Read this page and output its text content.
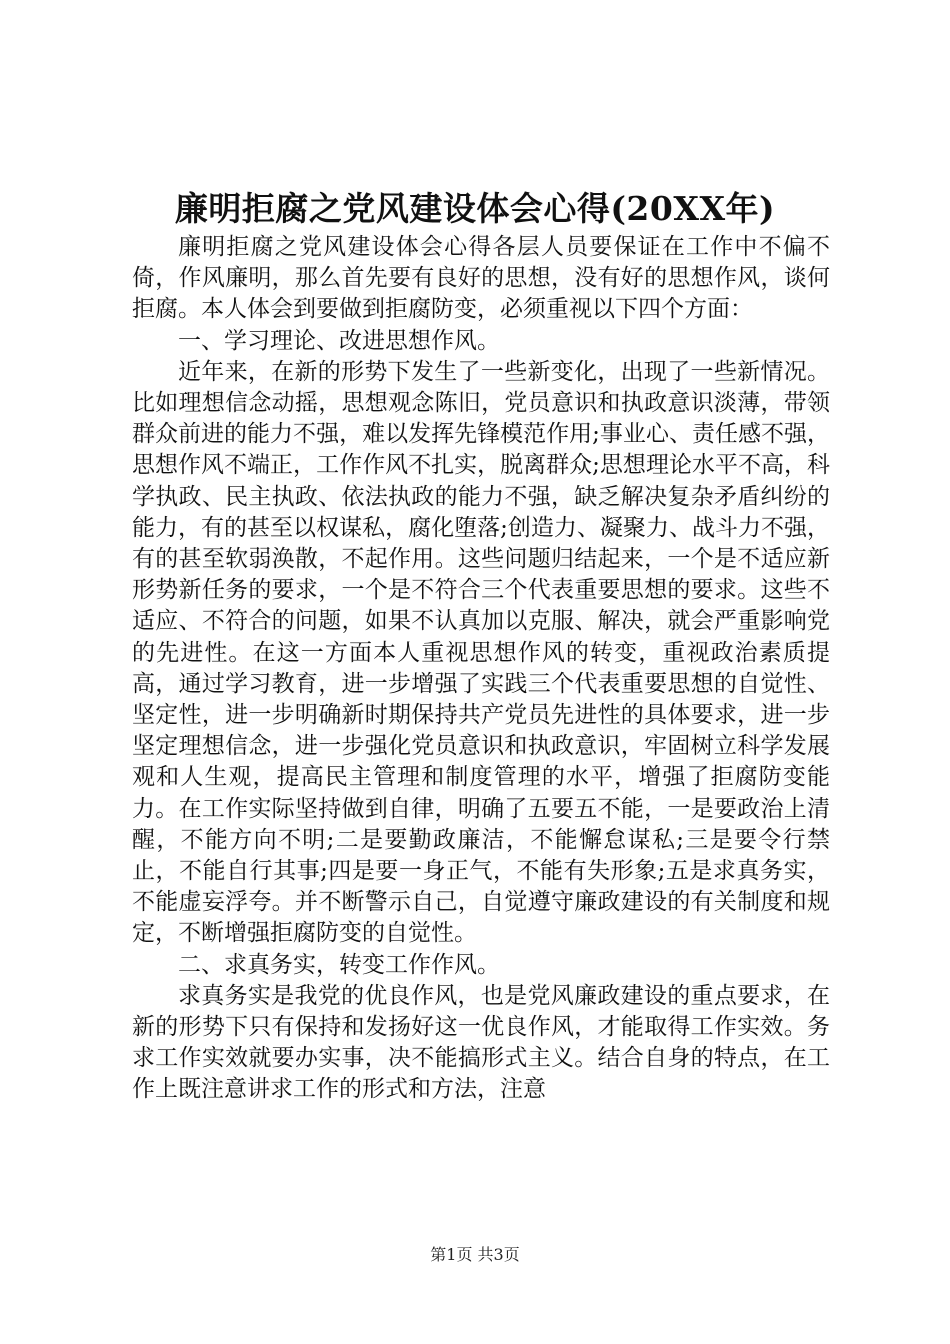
廉明拒腐之党风建设体会心得(20XX年)

廉明拒腐之党风建设体会心得各层人员要保证在工作中不偏不倚，作风廉明，那么首先要有良好的思想，没有好的思想作风，谈何拒腐。本人体会到要做到拒腐防变，必须重视以下四个方面：

一、学习理论、改进思想作风。

近年来，在新的形势下发生了一些新变化，出现了一些新情况。比如理想信念动摇，思想观念陈旧，党员意识和执政意识淡薄，带领群众前进的能力不强，难以发挥先锋模范作用;事业心、责任感不强，思想作风不端正，工作作风不扎实，脱离群众;思想理论水平不高，科学执政、民主执政、依法执政的能力不强，缺乏解决复杂矛盾纠纷的能力，有的甚至以权谋私，腐化堕落;创造力、凝聚力、战斗力不强，有的甚至软弱涣散，不起作用。这些问题归结起来，一个是不适应新形势新任务的要求，一个是不符合三个代表重要思想的要求。这些不适应、不符合的问题，如果不认真加以克服、解决，就会严重影响党的先进性。在这一方面本人重视思想作风的转变，重视政治素质提高，通过学习教育，进一步增强了实践三个代表重要思想的自觉性、坚定性，进一步明确新时期保持共产党员先进性的具体要求，进一步坚定理想信念，进一步强化党员意识和执政意识，牢固树立科学发展观和人生观，提高民主管理和制度管理的水平，增强了拒腐防变能力。在工作实际坚持做到自律，明确了五要五不能，一是要政治上清醒，不能方向不明;二是要勤政廉洁，不能懈怠谋私;三是要令行禁止，不能自行其事;四是要一身正气，不能有失形象;五是求真务实，不能虚妄浮夸。并不断警示自己，自觉遵守廉政建设的有关制度和规定，不断增强拒腐防变的自觉性。

二、求真务实，转变工作作风。

求真务实是我党的优良作风，也是党风廉政建设的重点要求，在新的形势下只有保持和发扬好这一优良作风，才能取得工作实效。务求工作实效就要办实事，决不能搞形式主义。结合自身的特点，在工作上既注意讲求工作的形式和方法，注意

第1页 共3页
